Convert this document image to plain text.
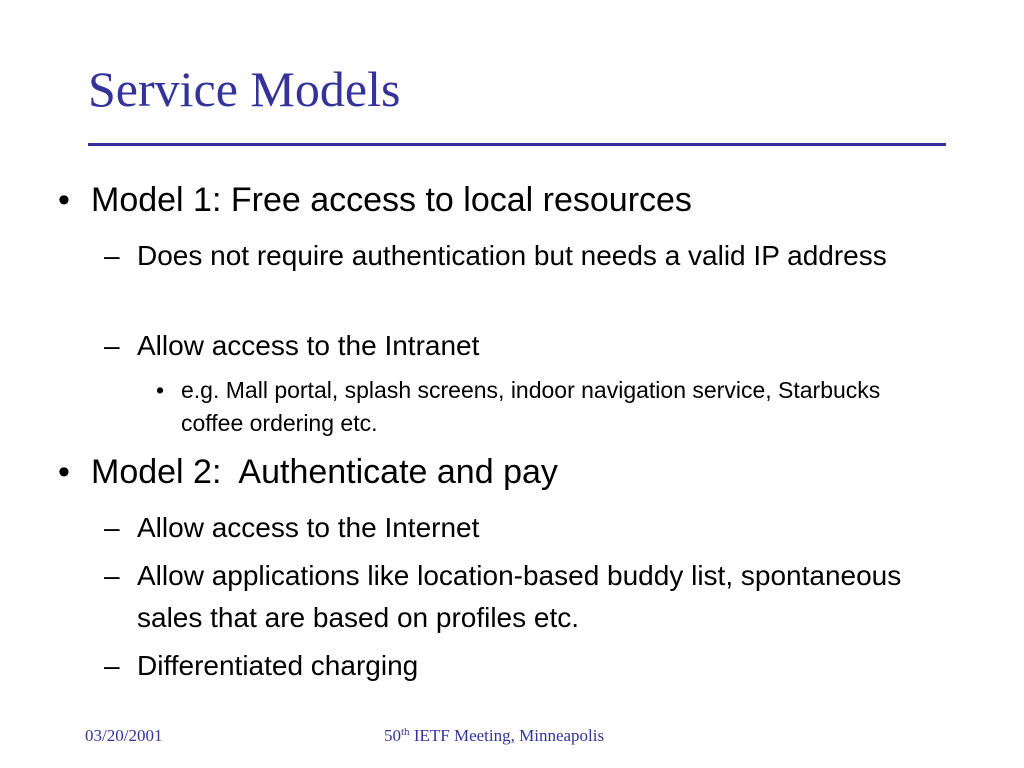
Service Models
• Model 1: Free access to local resources
– Does not require authentication but needs a valid IP address
– Allow access to the Intranet
• e.g. Mall portal, splash screens, indoor navigation service, Starbucks coffee ordering etc.
• Model 2:  Authenticate and pay
– Allow access to the Internet
– Allow applications like location-based buddy list, spontaneous sales that are based on profiles etc.
– Differentiated charging
03/20/2001	50th IETF Meeting, Minneapolis
